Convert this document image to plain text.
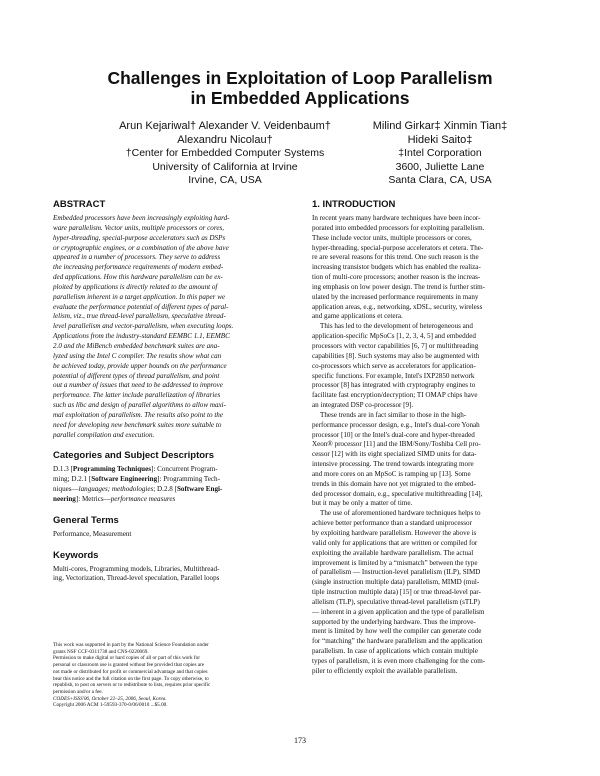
Challenges in Exploitation of Loop Parallelism
in Embedded Applications
Arun Kejariwal† Alexander V. Veidenbaum†
Alexandru Nicolau†
†Center for Embedded Computer Systems
University of California at Irvine
Irvine, CA, USA
Milind Girkar‡ Xinmin Tian‡
Hideki Saito‡
‡Intel Corporation
3600, Juliette Lane
Santa Clara, CA, USA
ABSTRACT

Embedded processors have been increasingly exploiting hard-
ware parallelism. Vector units, multiple processors or cores,
hyper-threading, special-purpose accelerators such as DSPs
or cryptographic engines, or a combination of the above have
appeared in a number of processors. They serve to address
the increasing performance requirements of modern embed-
ded applications. How this hardware parallelism can be ex-
ploited by applications is directly related to the amount of
parallelism inherent in a target application. In this paper we
evaluate the performance potential of different types of paral-
lelism, viz., true thread-level parallelism, speculative thread-
level parallelism and vector-parallelism, when executing loops.
Applications from the industry-standard EEMBC 1.1, EEMBC
2.0 and the MiBench embedded benchmark suites are ana-
lyzed using the Intel C compiler. The results show what can
be achieved today, provide upper bounds on the performance
potential of different types of thread parallelism, and point
out a number of issues that need to be addressed to improve
performance. The latter include parallelization of libraries
such as libc and design of parallel algorithms to allow maxi-
mal exploitation of parallelism. The results also point to the
need for developing new benchmark suites more suitable to
parallel compilation and execution.

Categories and Subject Descriptors
D.1.3 [Programming Techniques]: Concurrent Program-
ming; D.2.1 [Software Engineering]: Programming Tech-
niques—languages; methodologies; D.2.8 [Software Engi-
neering]: Metrics—performance measures
General Terms

Performance, Measurement

Keywords

Multi-cores, Programming models, Libraries, Multithread-
ing, Vectorization, Thread-level speculation, Parallel loops

This work was supported in part by the National Science Foundation under
grants NSF CCF-0311738 and CNS-0220069.

Permission to make digital or hard copies of all or part of this work for
personal or classroom use is granted without fee provided that copies are
not made or distributed for profit or commercial advantage and that copies
bear this notice and the full citation on the first page. To copy otherwise, to
republish, to post on servers or to redistribute to lists, requires prior specific
permission and/or a fee.

CODES+ISSS'06, October 22–25, 2006, Seoul, Korea.

Copyright 2006 ACM 1-59593-370-0/06/0010 ...$5.00.

1. INTRODUCTION

In recent years many hardware techniques have been incor-
porated into embedded processors for exploiting parallelism.
These include vector units, multiple processors or cores,
hyper-threading, special-purpose accelerators et cetera. The-
re are several reasons for this trend. One such reason is the
increasing transistor budgets which has enabled the realiza-
tion of multi-core processors; another reason is the increas-
ing emphasis on low power design. The trend is further stim-
ulated by the increased performance requirements in many
application areas, e.g., networking, xDSL, security, wireless
and game applications et cetera.

This has led to the development of heterogeneous and
application-specific MpSoCs [1, 2, 3, 4, 5] and embedded
processors with vector capabilities [6, 7] or multithreading
capabilities [8]. Such systems may also be augmented with
co-processors which serve as accelerators for application-
specific functions. For example, Intel's IXP2850 network
processor [8] has integrated with cryptography engines to
facilitate fast encryption/decryption; TI OMAP chips have
an integrated DSP co-processor [9].

These trends are in fact similar to those in the high-
performance processor design, e.g., Intel's dual-core Yonah
processor [10] or the Intel's dual-core and hyper-threaded
Xeon® processor [11] and the IBM/Sony/Toshiba Cell pro-
cessor [12] with its eight specialized SIMD units for data-
intensive processing. The trend towards integrating more
and more cores on an MpSoC is ramping up [13]. Some
trends in this domain have not yet migrated to the embed-
ded processor domain, e.g., speculative multithreading [14],
but it may be only a matter of time.

The use of aforementioned hardware techniques helps to
achieve better performance than a standard uniprocessor
by exploiting hardware parallelism. However the above is
valid only for applications that are written or compiled for
exploiting the available hardware parallelism. The actual
improvement is limited by a “mismatch” between the type
of parallelism — Instruction-level parallelism (ILP), SIMD
(single instruction multiple data) parallelism, MIMD (mul-
tiple instruction multiple data) [15] or true thread-level par-
allelism (TLP), speculative thread-level parallelism (sTLP)
— inherent in a given application and the type of parallelism
supported by the underlying hardware. Thus the improve-
ment is limited by how well the compiler can generate code
for “matching” the hardware parallelism and the application
parallelism. In case of applications which contain multiple
types of parallelism, it is even more challenging for the com-
piler to efficiently exploit the available parallelism.

173
